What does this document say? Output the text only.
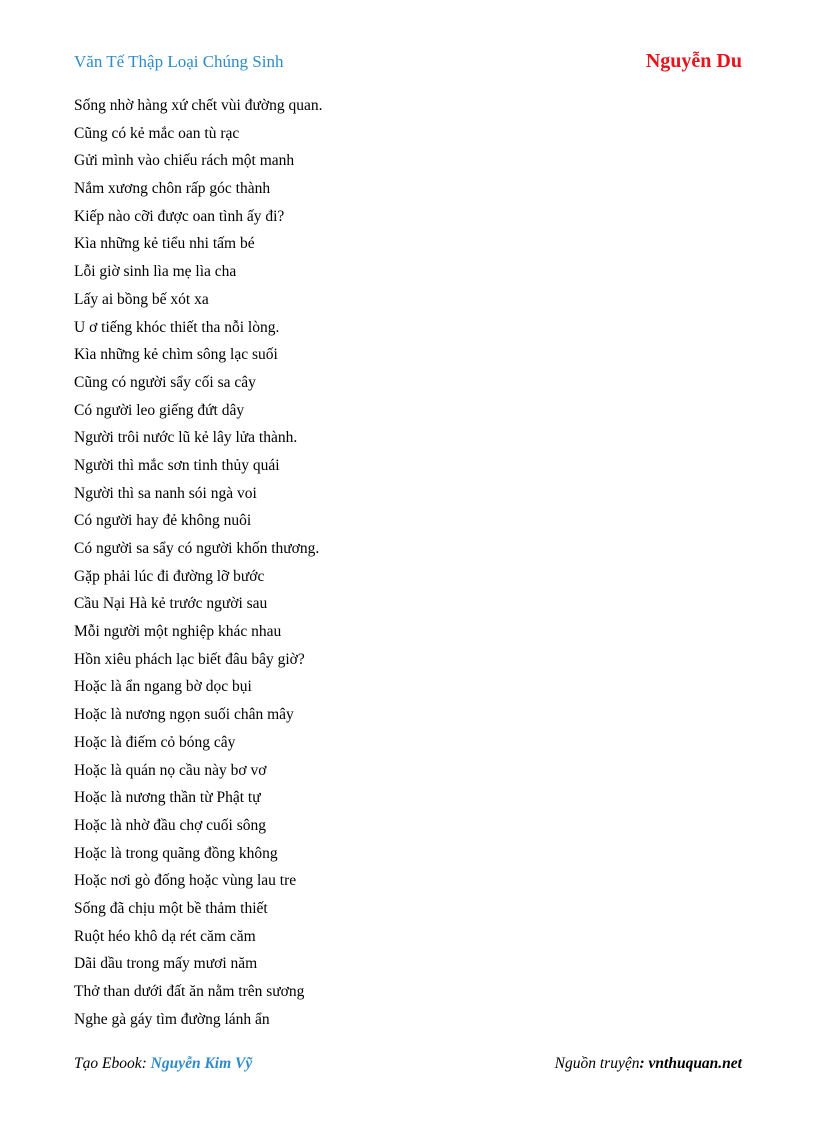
Văn Tế Thập Loại Chúng Sinh	Nguyễn Du
Sống nhờ hàng xứ chết vùi đường quan.
Cũng có kẻ mắc oan tù rạc
Gửi mình vào chiếu rách một manh
Nắm xương chôn rấp góc thành
Kiếp nào cỡi được oan tình ấy đi?
Kìa những kẻ tiểu nhi tấm bé
Lỗi giờ sinh lìa mẹ lìa cha
Lấy ai bồng bế xót xa
U ơ tiếng khóc thiết tha nỗi lòng.
Kìa những kẻ chìm sông lạc suối
Cũng có người sẩy cối sa cây
Có người leo giếng đứt dây
Người trôi nước lũ kẻ lây lửa thành.
Người thì mắc sơn tinh thủy quái
Người thì sa nanh sói ngà voi
Có người hay đẻ không nuôi
Có người sa sẩy có người khốn thương.
Gặp phải lúc đi đường lỡ bước
Cầu Nại Hà kẻ trước người sau
Mỗi người một nghiệp khác nhau
Hồn xiêu phách lạc biết đâu bây giờ?
Hoặc là ẩn ngang bờ dọc bụi
Hoặc là nương ngọn suối chân mây
Hoặc là điếm cỏ bóng cây
Hoặc là quán nọ cầu này bơ vơ
Hoặc là nương thần từ Phật tự
Hoặc là nhờ đầu chợ cuối sông
Hoặc là trong quãng đồng không
Hoặc nơi gò đống hoặc vùng lau tre
Sống đã chịu một bề thảm thiết
Ruột héo khô dạ rét căm căm
Dãi dầu trong mấy mươi năm
Thở than dưới đất ăn nằm trên sương
Nghe gà gáy tìm đường lánh ẩn
Tạo Ebook: Nguyễn Kim Vỹ	Nguồn truyện: vnthuquan.net
